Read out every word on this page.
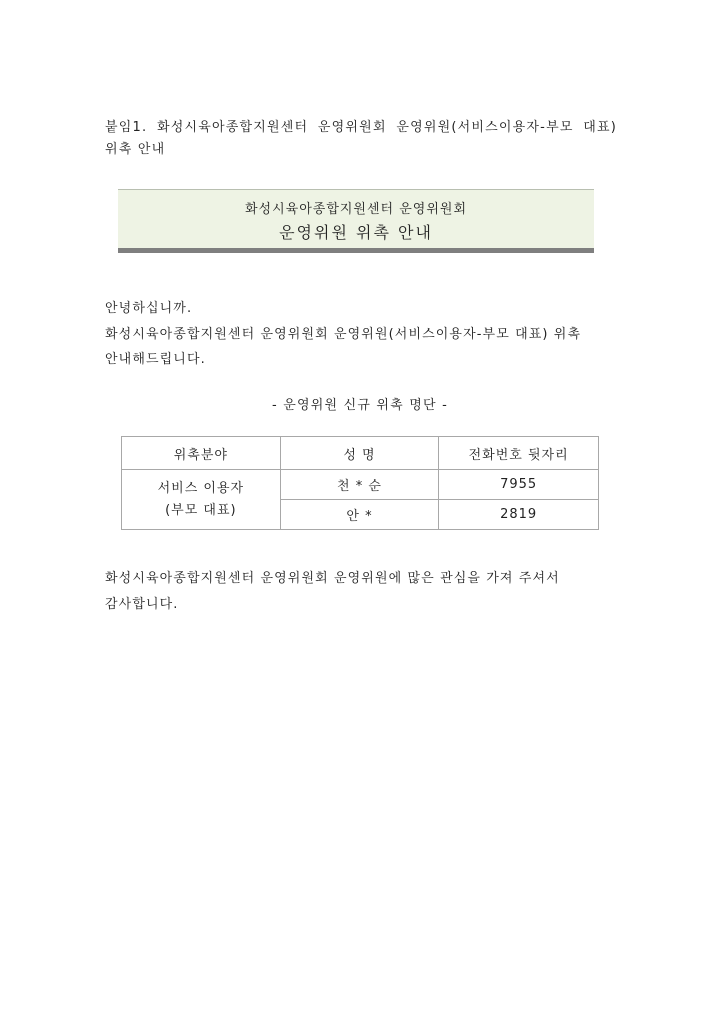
붙임1. 화성시육아종합지원센터 운영위원회 운영위원(서비스이용자-부모 대표) 위촉 안내
화성시육아종합지원센터 운영위원회
운영위원 위촉 안내
안녕하십니까.
화성시육아종합지원센터 운영위원회 운영위원(서비스이용자-부모 대표) 위촉
안내해드립니다.
- 운영위원 신규 위촉 명단 -
위촉분야	성 명	전화번호 뒷자리

서비스 이용자
(부모 대표)	천 * 순	7955
	안 *	2819
화성시육아종합지원센터 운영위원회 운영위원에 많은 관심을 가져 주셔서
감사합니다.
